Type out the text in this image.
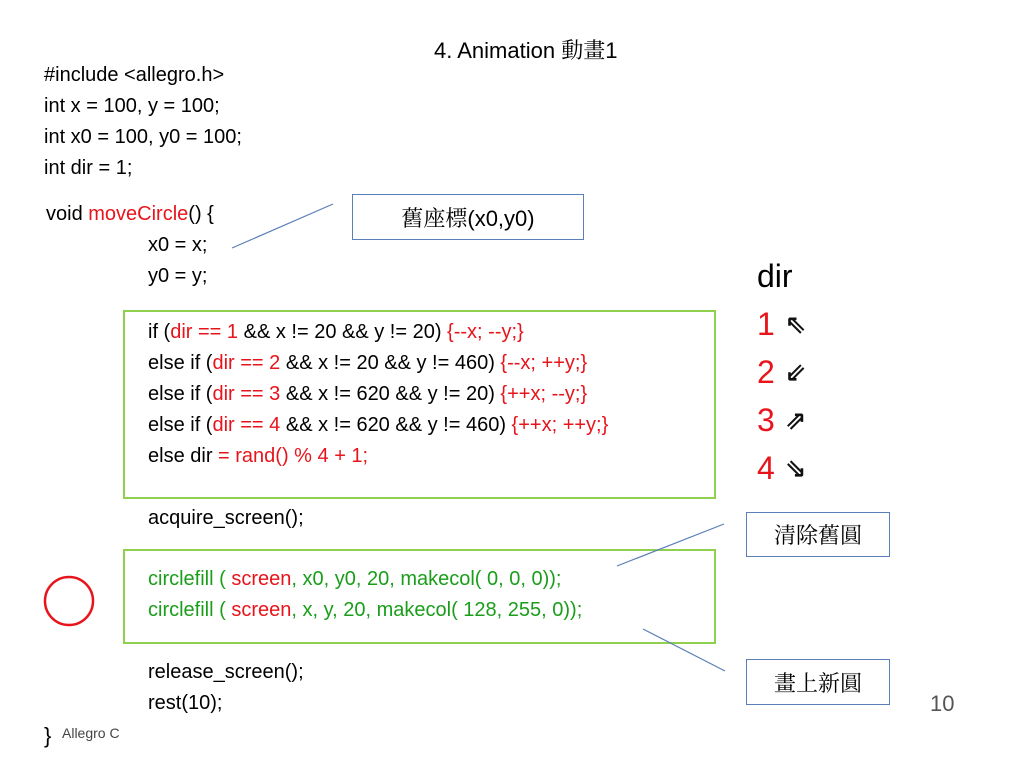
4. Animation 動畫1
#include <allegro.h>
int x = 100, y = 100;
int x0 = 100, y0 = 100;
int dir = 1;
void moveCircle() {
x0 = x;
y0 = y;
if (dir == 1 && x != 20 && y != 20) {--x; --y;}
else if (dir == 2 && x != 20 && y != 460) {--x; ++y;}
else if (dir == 3 && x != 620 && y != 20) {++x; --y;}
else if (dir == 4 && x != 620 && y != 460) {++x; ++y;}
else dir = rand() % 4 + 1;
acquire_screen();
circlefill ( screen, x0, y0, 20, makecol( 0, 0, 0));
circlefill ( screen, x, y, 20, makecol( 128, 255, 0));
release_screen();
rest(10);
} Allegro C
舊座標(x0,y0)
清除舊圓
畫上新圓
dir
1 ⇖
2 ⇙
3 ⇗
4 ⇘
10
